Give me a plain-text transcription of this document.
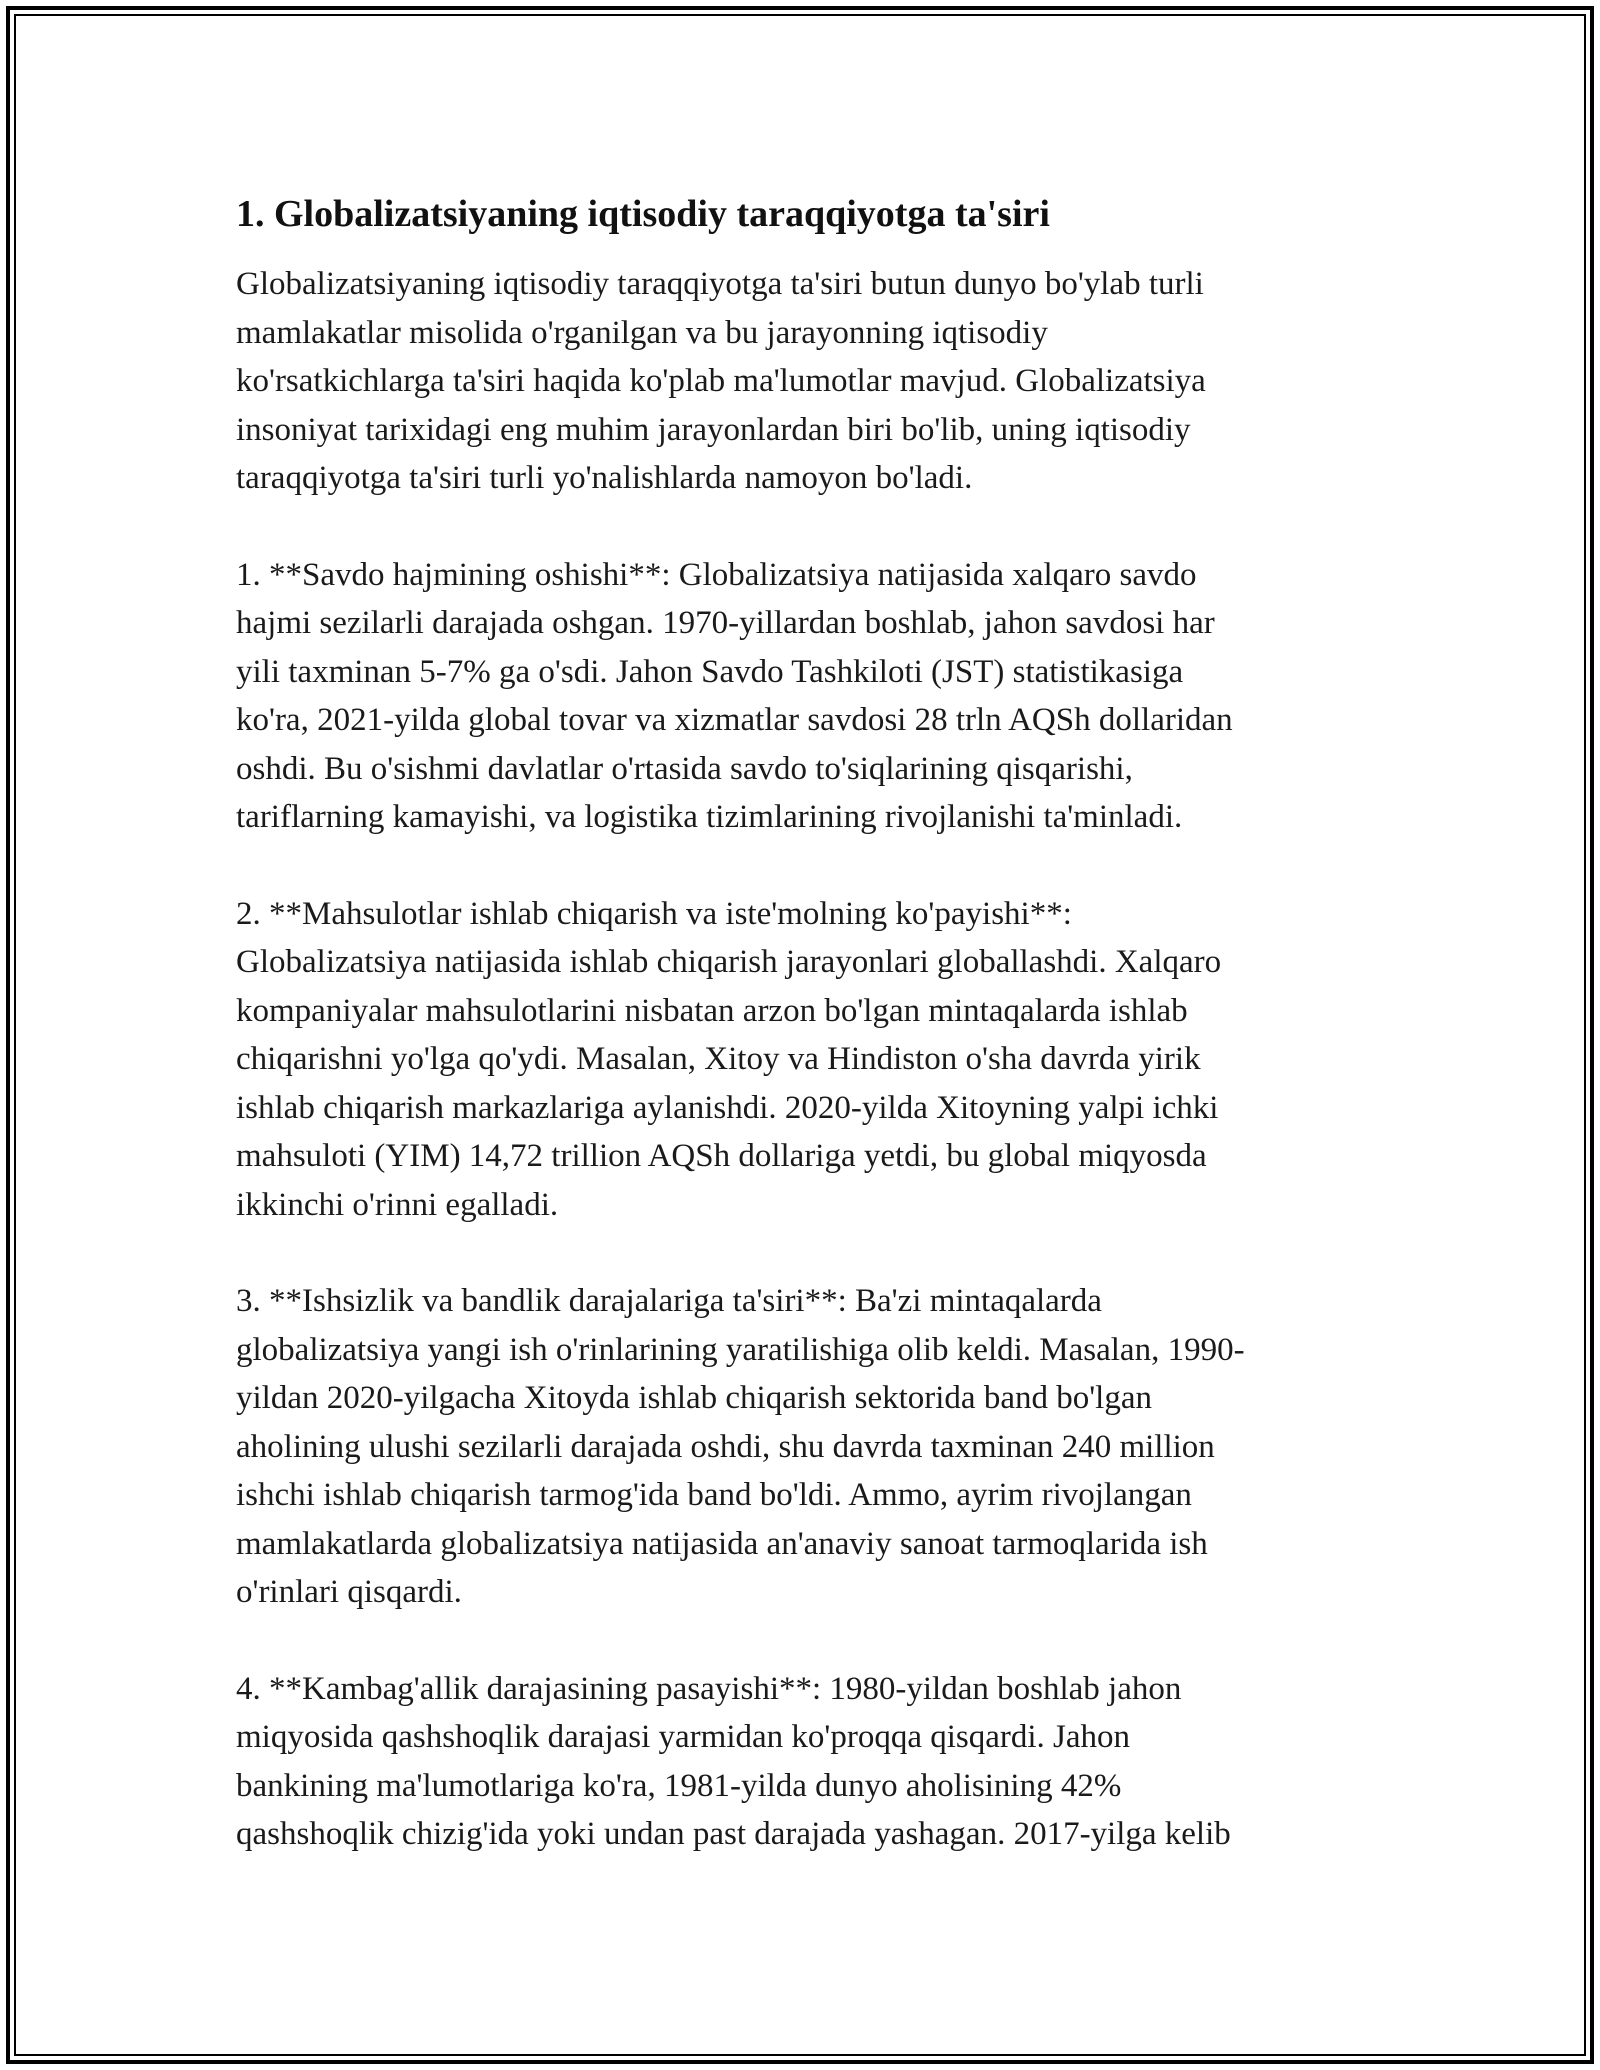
1. Globalizatsiyaning iqtisodiy taraqqiyotga ta'siri
Globalizatsiyaning iqtisodiy taraqqiyotga ta'siri butun dunyo bo'ylab turli
mamlakatlar misolida o'rganilgan va bu jarayonning iqtisodiy
ko'rsatkichlarga ta'siri haqida ko'plab ma'lumotlar mavjud. Globalizatsiya
insoniyat tarixidagi eng muhim jarayonlardan biri bo'lib, uning iqtisodiy
taraqqiyotga ta'siri turli yo'nalishlarda namoyon bo'ladi.
1. **Savdo hajmining oshishi**: Globalizatsiya natijasida xalqaro savdo
hajmi sezilarli darajada oshgan. 1970-yillardan boshlab, jahon savdosi har
yili taxminan 5-7% ga o'sdi. Jahon Savdo Tashkiloti (JST) statistikasiga
ko'ra, 2021-yilda global tovar va xizmatlar savdosi 28 trln AQSh dollaridan
oshdi. Bu o'sishmi davlatlar o'rtasida savdo to'siqlarining qisqarishi,
tariflarning kamayishi, va logistika tizimlarining rivojlanishi ta'minladi.
2. **Mahsulotlar ishlab chiqarish va iste'molning ko'payishi**:
Globalizatsiya natijasida ishlab chiqarish jarayonlari globallashdi. Xalqaro
kompaniyalar mahsulotlarini nisbatan arzon bo'lgan mintaqalarda ishlab
chiqarishni yo'lga qo'ydi. Masalan, Xitoy va Hindiston o'sha davrda yirik
ishlab chiqarish markazlariga aylanishdi. 2020-yilda Xitoyning yalpi ichki
mahsuloti (YIM) 14,72 trillion AQSh dollariga yetdi, bu global miqyosda
ikkinchi o'rinni egalladi.
3. **Ishsizlik va bandlik darajalariga ta'siri**: Ba'zi mintaqalarda
globalizatsiya yangi ish o'rinlarining yaratilishiga olib keldi. Masalan, 1990-
yildan 2020-yilgacha Xitoyda ishlab chiqarish sektorida band bo'lgan
aholining ulushi sezilarli darajada oshdi, shu davrda taxminan 240 million
ishchi ishlab chiqarish tarmog'ida band bo'ldi. Ammo, ayrim rivojlangan
mamlakatlarda globalizatsiya natijasida an'anaviy sanoat tarmoqlarida ish
o'rinlari qisqardi.
4. **Kambag'allik darajasining pasayishi**: 1980-yildan boshlab jahon
miqyosida qashshoqlik darajasi yarmidan ko'proqqa qisqardi. Jahon
bankining ma'lumotlariga ko'ra, 1981-yilda dunyo aholisining 42%
qashshoqlik chizig'ida yoki undan past darajada yashagan. 2017-yilga kelib
